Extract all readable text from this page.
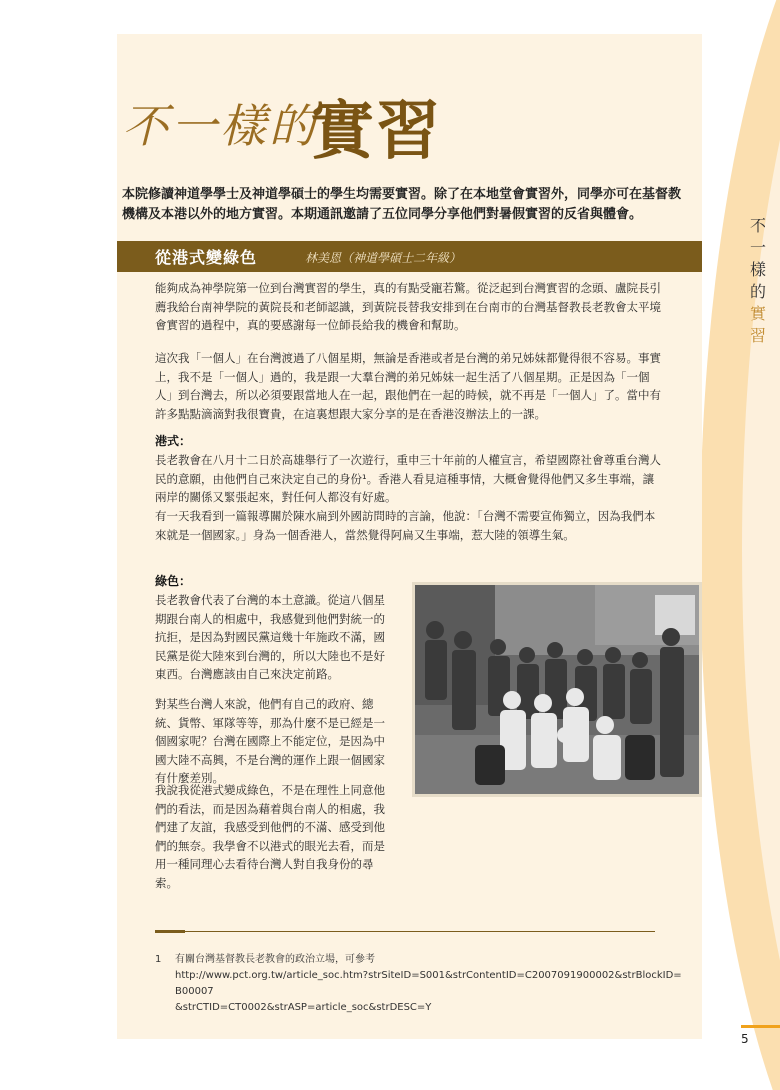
不一樣的
實習
本院修讀神道學學士及神道學碩士的學生均需要實習。除了在本地堂會實習外，同學亦可在基督教機構及本港以外的地方實習。本期通訊邀請了五位同學分享他們對暑假實習的反省與體會。
從港式變綠色	林美恩（神道學碩士二年級）

能夠成為神學院第一位到台灣實習的學生，真的有點受寵若驚。從泛起到台灣實習的念頭、盧院長引薦我給台南神學院的黃院長和老師認識，到黃院長替我安排到在台南市的台灣基督教長老教會太平境會實習的過程中，真的要感謝每一位師長給我的機會和幫助。

這次我「一個人」在台灣渡過了八個星期，無論是香港或者是台灣的弟兄姊妹都覺得很不容易。事實上，我不是「一個人」過的，我是跟一大羣台灣的弟兄姊妹一起生活了八個星期。正是因為「一個人」到台灣去，所以必須要跟當地人在一起，跟他們在一起的時候，就不再是「一個人」了。當中有許多點點滴滴對我很寶貴，在這裏想跟大家分享的是在香港沒辦法上的一課。

港式：

長老教會在八月十二日於高雄舉行了一次遊行，重申三十年前的人權宣言，希望國際社會尊重台灣人民的意願，由他們自己來決定自己的身份¹。香港人看見這種事情，大概會覺得他們又多生事端，讓兩岸的關係又緊張起來，對任何人都沒有好處。

有一天我看到一篇報導關於陳水扁到外國訪問時的言論，他說：「台灣不需要宣佈獨立，因為我們本來就是一個國家。」身為一個香港人，當然覺得阿扁又生事端，惹大陸的領導生氣。

綠色：

長老教會代表了台灣的本土意識。從這八個星期跟台南人的相處中，我感覺到他們對統一的抗拒，是因為對國民黨這幾十年施政不滿，國民黨是從大陸來到台灣的，所以大陸也不是好東西。台灣應該由自己來決定前路。

對某些台灣人來說，他們有自己的政府、總統、貨幣、軍隊等等，那為什麼不是已經是一個國家呢？台灣在國際上不能定位，是因為中國大陸不高興，不是台灣的運作上跟一個國家有什麼差別。

我說我從港式變成綠色，不是在理性上同意他們的看法，而是因為藉着與台南人的相處，我們建了友誼，我感受到他們的不滿、感受到他們的無奈。我學會不以港式的眼光去看，而是用一種同理心去看待台灣人對自我身份的尋索。

1 有關台灣基督教長老教會的政治立場，可參考
http://www.pct.org.tw/article_soc.htm?strSiteID=S001&strContentID=C2007091900002&strBlockID=B00007
&strCTID=CT0002&strASP=article_soc&strDESC=Y
不
一
樣
的
實
習
5
